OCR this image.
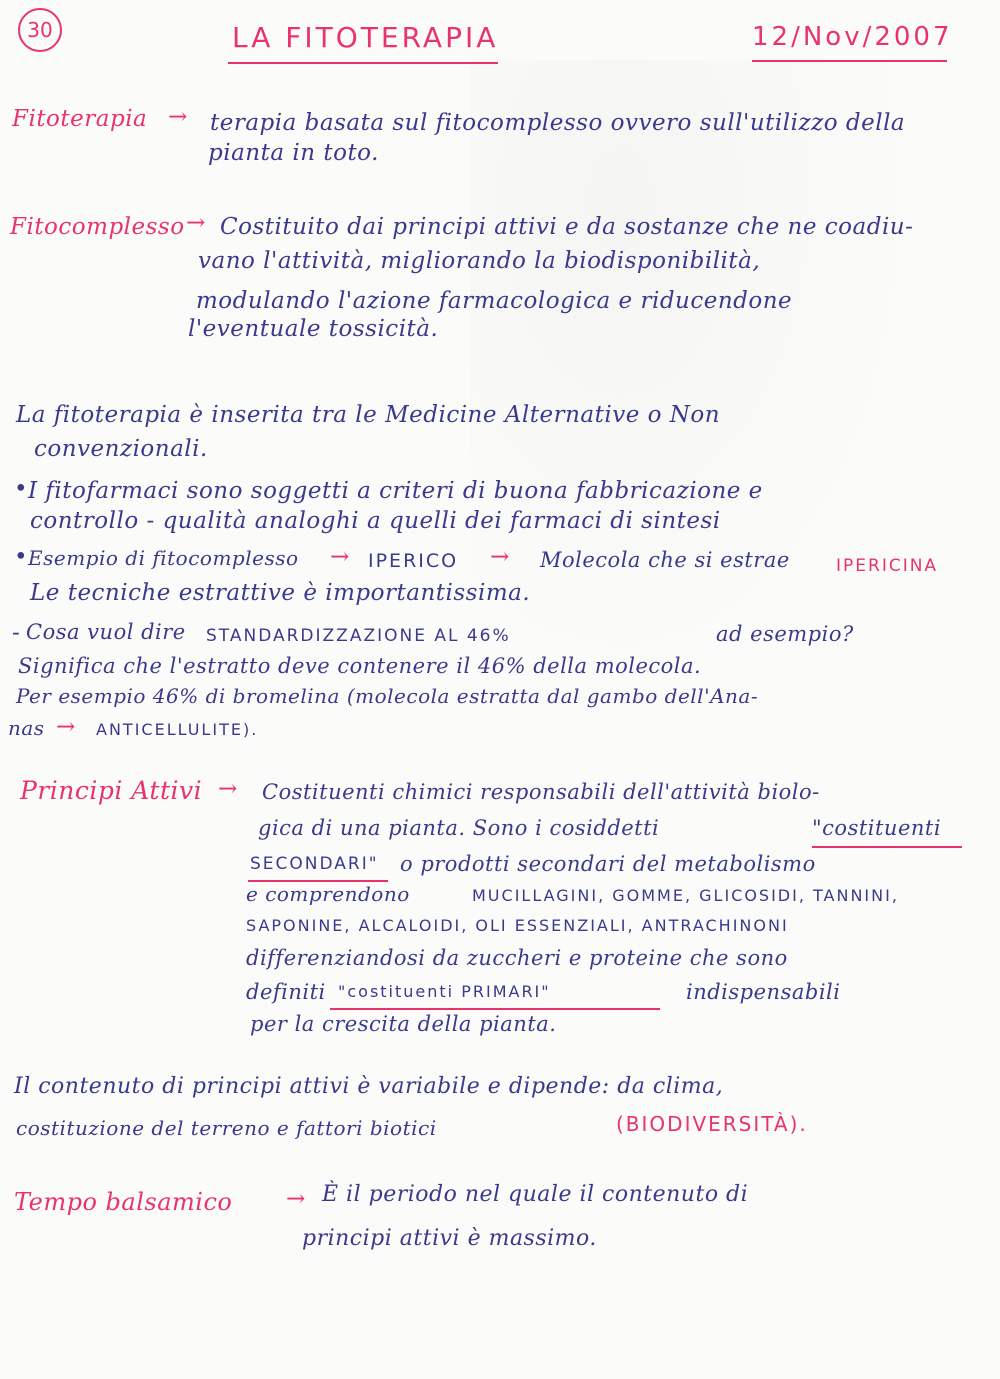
30	LA FITOTERAPIA	12/Nov/2007
Fitoterapia → terapia basata sul fitocomplesso ovvero sull'utilizzo della
pianta in toto.
Fitocomplesso → Costituito dai principi attivi e da sostanze che ne coadiu-
vano l'attività, migliorando la biodisponibilità,
modulando l'azione farmacologica e riducendone
l'eventuale tossicità.
La fitoterapia è inserita tra le Medicine Alternative o Non
convenzionali.
• I fitofarmaci sono soggetti a criteri di buona fabbricazione e
controllo - qualità analoghi a quelli dei farmaci di sintesi
• Esempio di fitocomplesso → IPERICO → Molecola che si estrae	IPERICINA
Le tecniche estrattive è importantissima.
- Cosa vuol dire STANDARDIZZAZIONE AL 46%	ad esempio?
Significa che l'estratto deve contenere il 46% della molecola.
Per esempio 46% di bromelina (molecola estratta dal gambo dell'Ana-
nas → ANTICELLULITE).
Principi Attivi → Costituenti chimici responsabili dell'attività biolo-
gica di una pianta. Sono i cosiddetti	"costituenti
SECONDARI" o prodotti secondari del metabolismo
e comprendono	MUCILLAGINI, GOMME, GLICOSIDI, TANNINI,
SAPONINE, ALCALOIDI, OLI ESSENZIALI, ANTRACHINONI
differenziandosi da zuccheri e proteine che sono
definiti "costituenti PRIMARI"	indispensabili
per la crescita della pianta.
Il contenuto di principi attivi è variabile e dipende: da clima,
costituzione del terreno e fattori biotici	(BIODIVERSITÀ).
Tempo balsamico → È il periodo nel quale il contenuto di
principi attivi è massimo.
